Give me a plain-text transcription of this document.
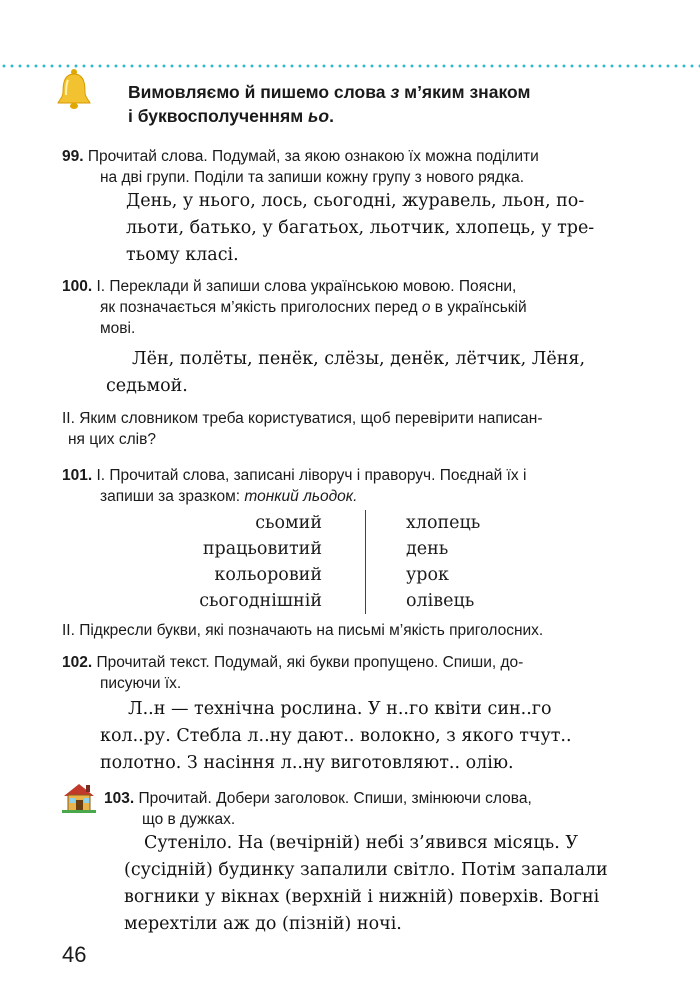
Вимовляємо й пишемо слова з м’яким знаком
і буквосполученням ьо.
99. Прочитай слова. Подумай, за якою ознакою їх можна поділити
на дві групи. Поділи та запиши кожну групу з нового рядка.
День, у нього, лось, сьогодні, журавель, льон, по-
льоти, батько, у багатьох, льотчик, хлопець, у тре-
тьому класі.
100. І. Переклади й запиши слова українською мовою. Поясни,
як позначається м’якість приголосних перед о в українській
мові.
Лён, полёты, пенёк, слёзы, денёк, лётчик, Лёня,
седьмой.
ІІ. Яким словником треба користуватися, щоб перевірити написан-
ня цих слів?
101. І. Прочитай слова, записані ліворуч і праворуч. Поєднай їх і
запиши за зразком: тонкий льодок.
сьомий
працьовитий
кольоровий
сьогоднішній
хлопець
день
урок
олівець
ІІ. Підкресли букви, які позначають на письмі м’якість приголосних.
102. Прочитай текст. Подумай, які букви пропущено. Спиши, до-
писуючи їх.
Л..н — технічна рослина. У н..го квіти син..го
кол..ру. Стебла л..ну дают.. волокно, з якого тчут..
полотно. З насіння л..ну виготовляют.. олію.
103. Прочитай. Добери заголовок. Спиши, змінюючи слова,
що в дужках.
Сутеніло. На (вечірній) небі з’явився місяць. У
(сусідній) будинку запалили світло. Потім запалали
вогники у вікнах (верхній і нижній) поверхів. Вогні
мерехтіли аж до (пізній) ночі.
46
